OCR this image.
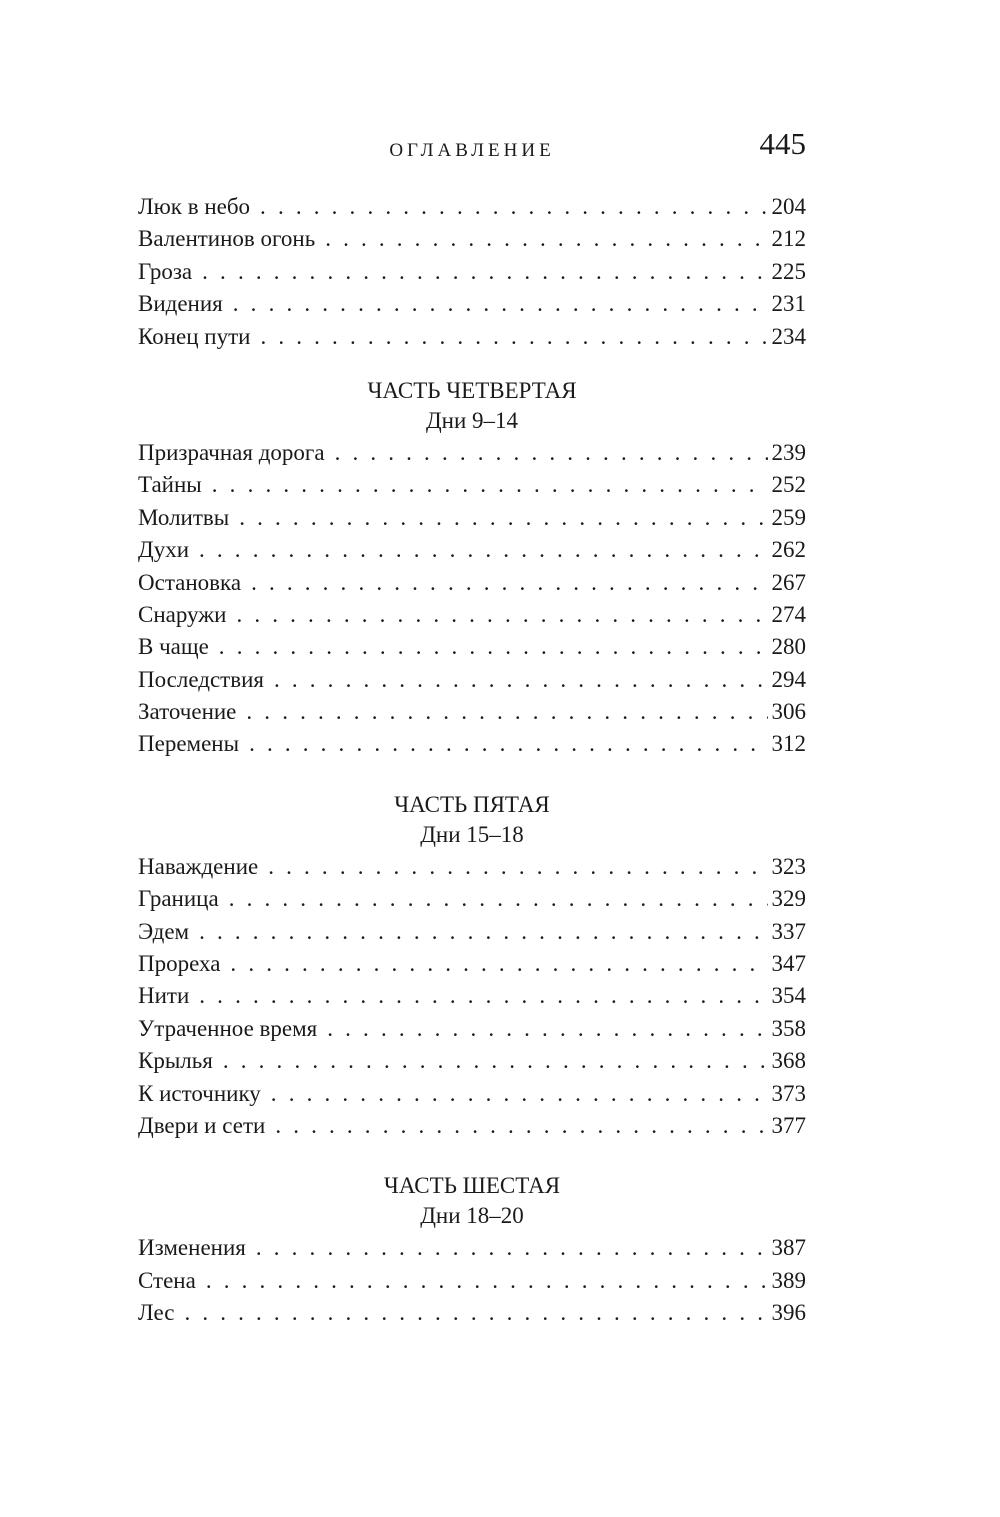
ОГЛАВЛЕНИЕ	445
Люк в небо . . .	204
Валентинов огонь . . .	212
Гроза . . .	225
Видения . . .	231
Конец пути . . .	234
ЧАСТЬ ЧЕТВЕРТАЯ
Дни 9–14
Призрачная дорога . . .	239
Тайны . . .	252
Молитвы . . .	259
Духи . . .	262
Остановка . . .	267
Снаружи . . .	274
В чаще . . .	280
Последствия . . .	294
Заточение . . .	306
Перемены . . .	312
ЧАСТЬ ПЯТАЯ
Дни 15–18
Наваждение . . .	323
Граница . . .	329
Эдем . . .	337
Прореха . . .	347
Нити . . .	354
Утраченное время . . .	358
Крылья . . .	368
К источнику . . .	373
Двери и сети . . .	377
ЧАСТЬ ШЕСТАЯ
Дни 18–20
Изменения . . .	387
Стена . . .	389
Лес . . .	396
